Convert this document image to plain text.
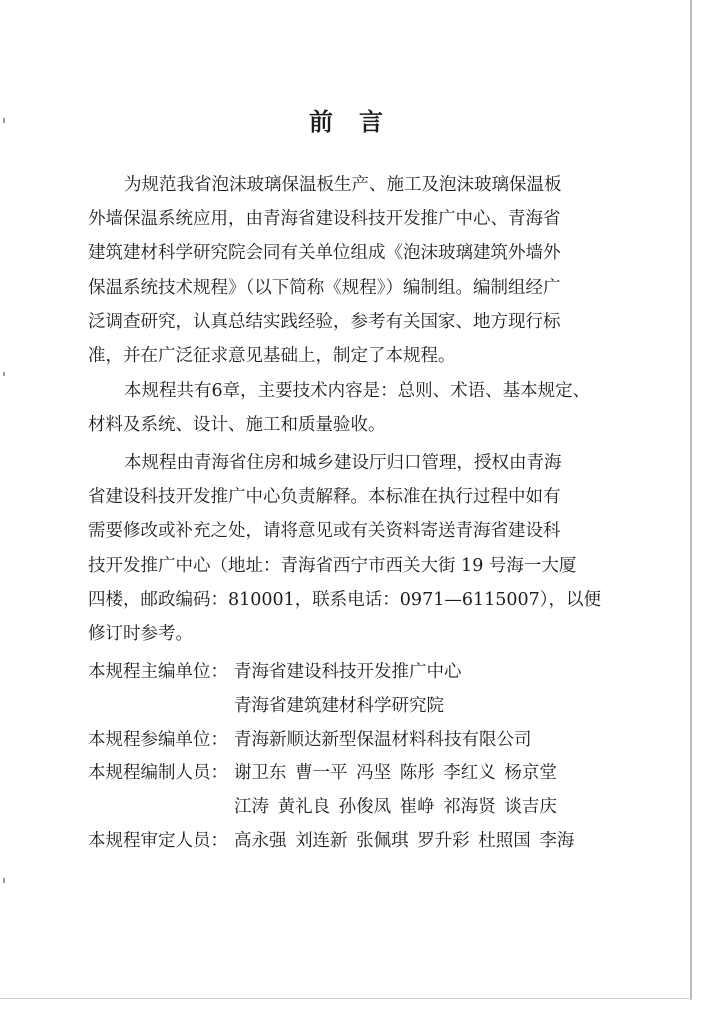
前言
为规范我省泡沫玻璃保温板生产、施工及泡沫玻璃保温板
外墙保温系统应用，由青海省建设科技开发推广中心、青海省
建筑建材科学研究院会同有关单位组成《泡沫玻璃建筑外墙外
保温系统技术规程》（以下简称《规程》）编制组。编制组经广
泛调查研究，认真总结实践经验，参考有关国家、地方现行标
准，并在广泛征求意见基础上，制定了本规程。
本规程共有6章，主要技术内容是：总则、术语、基本规定、
材料及系统、设计、施工和质量验收。
本规程由青海省住房和城乡建设厅归口管理，授权由青海
省建设科技开发推广中心负责解释。本标准在执行过程中如有
需要修改或补充之处，请将意见或有关资料寄送青海省建设科
技开发推广中心（地址：青海省西宁市西关大街 19 号海一大厦
四楼，邮政编码：810001，联系电话：0971—6115007），以便
修订时参考。
本规程主编单位： 青海省建设科技开发推广中心
青海省建筑建材科学研究院
本规程参编单位： 青海新顺达新型保温材料科技有限公司
本规程编制人员： 谢卫东 曹一平 冯坚 陈彤 李红义 杨京堂
江涛 黄礼良 孙俊凤 崔峥 祁海贤 谈吉庆
本规程审定人员： 高永强 刘连新 张佩琪 罗升彩 杜照国 李海
